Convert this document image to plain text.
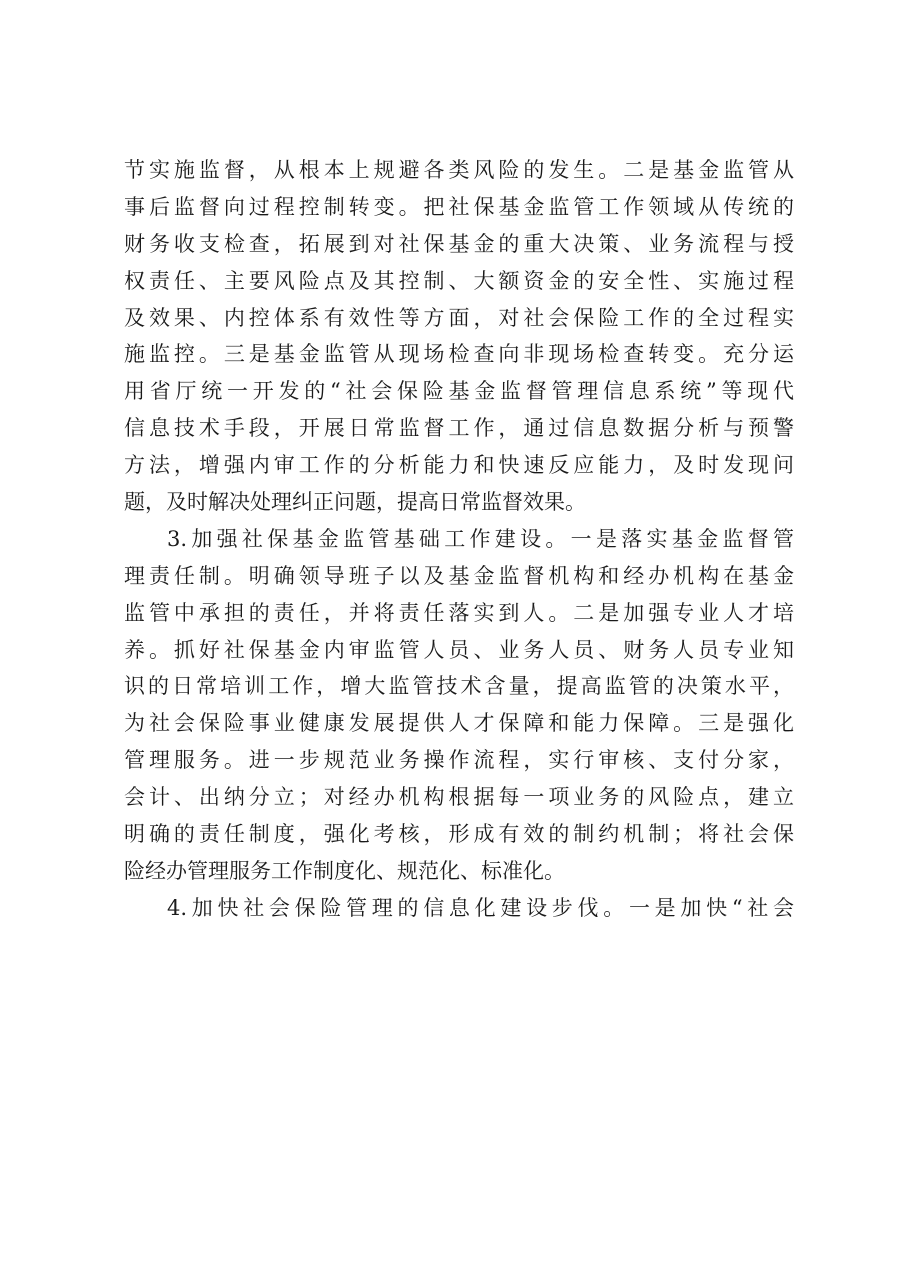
节实施监督，从根本上规避各类风险的发生。二是基金监管从
事后监督向过程控制转变。把社保基金监管工作领域从传统的
财务收支检查，拓展到对社保基金的重大决策、业务流程与授
权责任、主要风险点及其控制、大额资金的安全性、实施过程
及效果、内控体系有效性等方面，对社会保险工作的全过程实
施监控。三是基金监管从现场检查向非现场检查转变。充分运
用省厅统一开发的“社会保险基金监督管理信息系统”等现代
信息技术手段，开展日常监督工作，通过信息数据分析与预警
方法，增强内审工作的分析能力和快速反应能力，及时发现问
题，及时解决处理纠正问题，提高日常监督效果。
3.加强社保基金监管基础工作建设。一是落实基金监督管
理责任制。明确领导班子以及基金监督机构和经办机构在基金
监管中承担的责任，并将责任落实到人。二是加强专业人才培
养。抓好社保基金内审监管人员、业务人员、财务人员专业知
识的日常培训工作，增大监管技术含量，提高监管的决策水平，
为社会保险事业健康发展提供人才保障和能力保障。三是强化
管理服务。进一步规范业务操作流程，实行审核、支付分家，
会计、出纳分立；对经办机构根据每一项业务的风险点，建立
明确的责任制度，强化考核，形成有效的制约机制；将社会保
险经办管理服务工作制度化、规范化、标准化。
4.加快社会保险管理的信息化建设步伐。一是加快“社会
